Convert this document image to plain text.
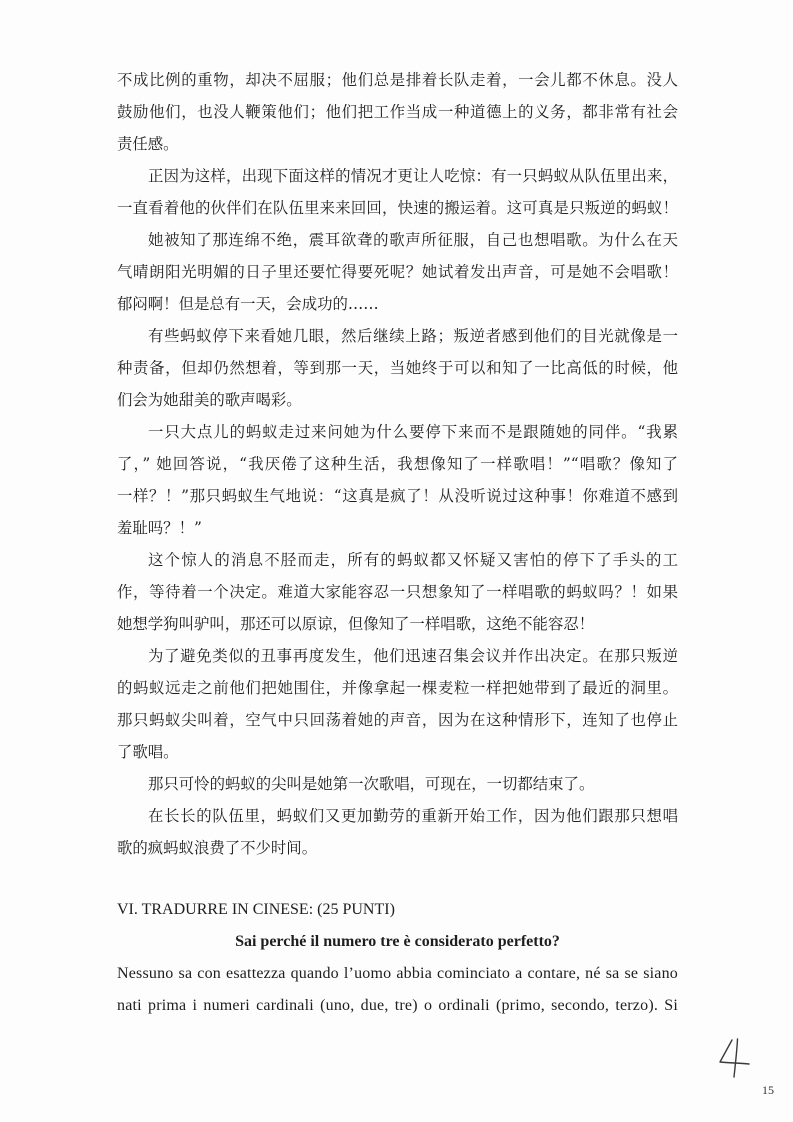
不成比例的重物，却决不屈服；他们总是排着长队走着，一会儿都不休息。没人
鼓励他们，也没人鞭策他们；他们把工作当成一种道德上的义务，都非常有社会
责任感。
正因为这样，出现下面这样的情况才更让人吃惊：有一只蚂蚁从队伍里出来，
一直看着他的伙伴们在队伍里来来回回，快速的搬运着。这可真是只叛逆的蚂蚁！
她被知了那连绵不绝，震耳欲聋的歌声所征服，自己也想唱歌。为什么在天
气晴朗阳光明媚的日子里还要忙得要死呢？她试着发出声音，可是她不会唱歌！
郁闷啊！但是总有一天，会成功的……
有些蚂蚁停下来看她几眼，然后继续上路；叛逆者感到他们的目光就像是一
种责备，但却仍然想着，等到那一天，当她终于可以和知了一比高低的时候，他
们会为她甜美的歌声喝彩。
一只大点儿的蚂蚁走过来问她为什么要停下来而不是跟随她的同伴。“我累
了，” 她回答说，“我厌倦了这种生活，我想像知了一样歌唱！”“唱歌？像知了
一样？！”那只蚂蚁生气地说：“这真是疯了！从没听说过这种事！你难道不感到
羞耻吗？！”
这个惊人的消息不胫而走，所有的蚂蚁都又怀疑又害怕的停下了手头的工
作，等待着一个决定。难道大家能容忍一只想象知了一样唱歌的蚂蚁吗？！如果
她想学狗叫驴叫，那还可以原谅，但像知了一样唱歌，这绝不能容忍！
为了避免类似的丑事再度发生，他们迅速召集会议并作出决定。在那只叛逆
的蚂蚁远走之前他们把她围住，并像拿起一棵麦粒一样把她带到了最近的洞里。
那只蚂蚁尖叫着，空气中只回荡着她的声音，因为在这种情形下，连知了也停止
了歌唱。
那只可怜的蚂蚁的尖叫是她第一次歌唱，可现在，一切都结束了。
在长长的队伍里，蚂蚁们又更加勤劳的重新开始工作，因为他们跟那只想唱
歌的疯蚂蚁浪费了不少时间。
VI. TRADURRE IN CINESE: (25 PUNTI)
Sai perché il numero tre è considerato perfetto?
Nessuno sa con esattezza quando l’uomo abbia cominciato a contare, né sa se siano
nati prima i numeri cardinali (uno, due, tre) o ordinali (primo, secondo, terzo). Si
15
